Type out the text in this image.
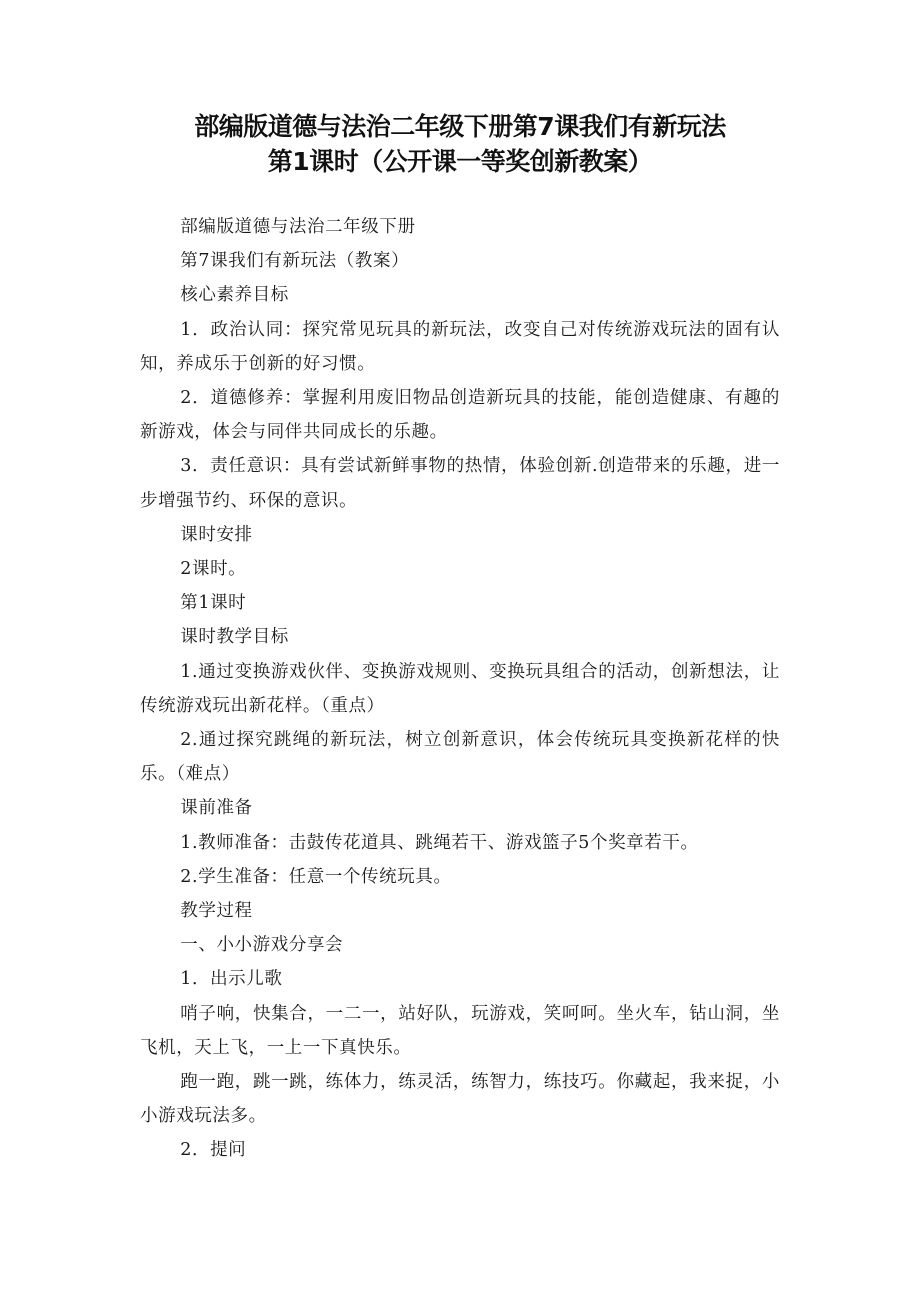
部编版道德与法治二年级下册第7课我们有新玩法
第1课时（公开课一等奖创新教案）

部编版道德与法治二年级下册

第7课我们有新玩法（教案）

核心素养目标

1．政治认同：探究常见玩具的新玩法，改变自己对传统游戏玩法的固有认知，养成乐于创新的好习惯。

2．道德修养：掌握利用废旧物品创造新玩具的技能，能创造健康、有趣的新游戏，体会与同伴共同成长的乐趣。

3．责任意识：具有尝试新鲜事物的热情，体验创新.创造带来的乐趣，进一步增强节约、环保的意识。

课时安排

2课时。

第1课时

课时教学目标

1.通过变换游戏伙伴、变换游戏规则、变换玩具组合的活动，创新想法，让传统游戏玩出新花样。（重点）

2.通过探究跳绳的新玩法，树立创新意识，体会传统玩具变换新花样的快乐。（难点）

课前准备

1.教师准备：击鼓传花道具、跳绳若干、游戏篮子5个奖章若干。

2.学生准备：任意一个传统玩具。

教学过程

一、小小游戏分享会

1．出示儿歌

哨子响，快集合，一二一，站好队，玩游戏，笑呵呵。坐火车，钻山洞，坐飞机，天上飞，一上一下真快乐。

跑一跑，跳一跳，练体力，练灵活，练智力，练技巧。你藏起，我来捉，小小游戏玩法多。

2．提问
